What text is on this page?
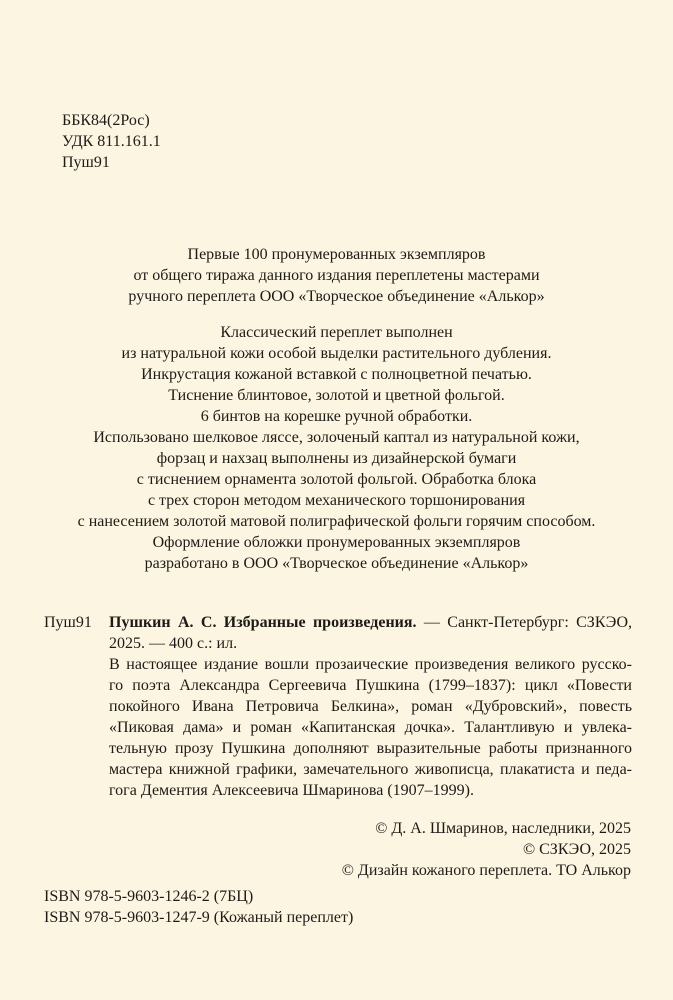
ББК84(2Рос)
УДК 811.161.1
Пуш91
Первые 100 пронумерованных экземпляров
от общего тиража данного издания переплетены мастерами
ручного переплета ООО «Творческое объединение «Алькор»
Классический переплет выполнен
из натуральной кожи особой выделки растительного дубления.
Инкрустация кожаной вставкой с полноцветной печатью.
Тиснение блинтовое, золотой и цветной фольгой.
6 бинтов на корешке ручной обработки.
Использовано шелковое ляссе, золоченый каптал из натуральной кожи,
форзац и нахзац выполнены из дизайнерской бумаги
с тиснением орнамента золотой фольгой. Обработка блока
с трех сторон методом механического торшонирования
с нанесением золотой матовой полиграфической фольги горячим способом.
Оформление обложки пронумерованных экземпляров
разработано в ООО «Творческое объединение «Алькор»
Пуш91 Пушкин А. С. Избранные произведения. — Санкт-Петербург: СЗКЭО,
2025. — 400 с.: ил.
В настоящее издание вошли прозаические произведения великого русско-
го поэта Александра Сергеевича Пушкина (1799–1837): цикл «Повести
покойного Ивана Петровича Белкина», роман «Дубровский», повесть
«Пиковая дама» и роман «Капитанская дочка». Талантливую и увлека-
тельную прозу Пушкина дополняют выразительные работы признанного
мастера книжной графики, замечательного живописца, плакатиста и педа-
гога Дементия Алексеевича Шмаринова (1907–1999).
© Д. А. Шмаринов, наследники, 2025
© СЗКЭО, 2025
© Дизайн кожаного переплета. ТО Алькор
ISBN 978-5-9603-1246-2 (7БЦ)
ISBN 978-5-9603-1247-9 (Кожаный переплет)
